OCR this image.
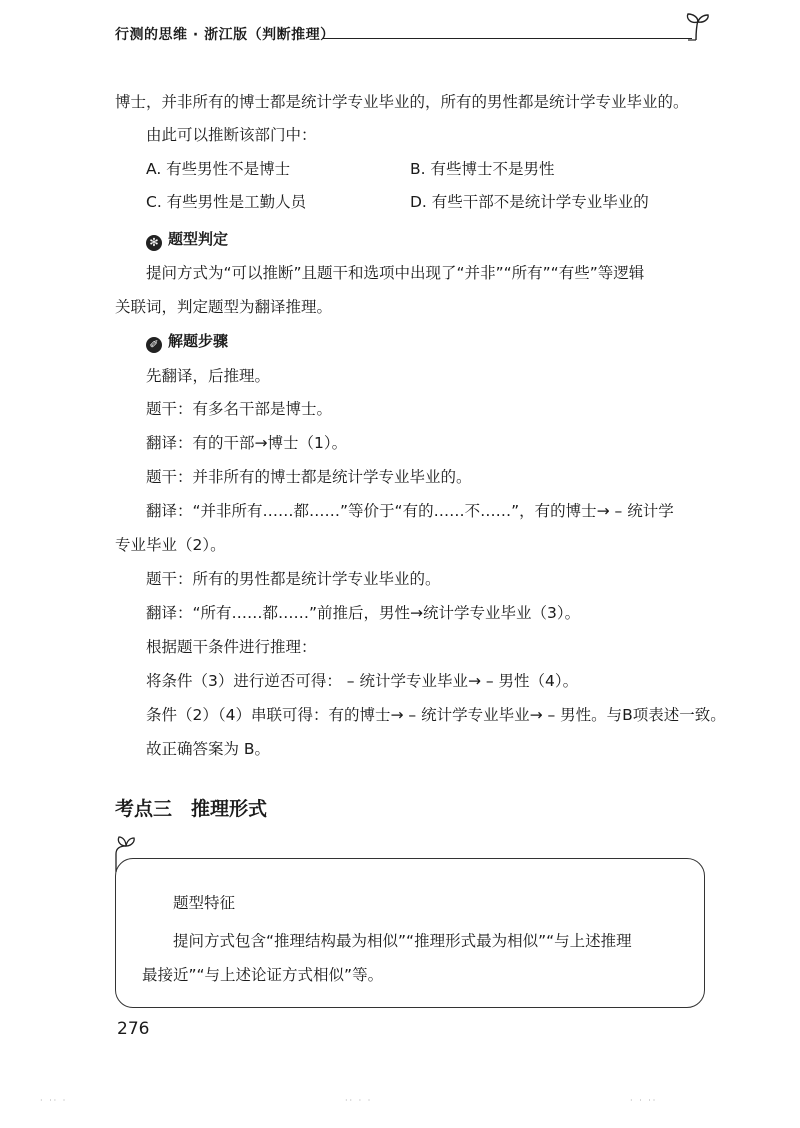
行测的思维 · 浙江版（判断推理）
博士，并非所有的博士都是统计学专业毕业的，所有的男性都是统计学专业毕业的。
由此可以推断该部门中：
A. 有些男性不是博士	B. 有些博士不是男性
C. 有些男性是工勤人员	D. 有些干部不是统计学专业毕业的
✻ 题型判定
提问方式为“可以推断”且题干和选项中出现了“并非”“所有”“有些”等逻辑
关联词，判定题型为翻译推理。
✐ 解题步骤
先翻译，后推理。
题干：有多名干部是博士。
翻译：有的干部→博士（1）。
题干：并非所有的博士都是统计学专业毕业的。
翻译：“并非所有……都……”等价于“有的……不……”，有的博士→ – 统计学
专业毕业（2）。
题干：所有的男性都是统计学专业毕业的。
翻译：“所有……都……”前推后，男性→统计学专业毕业（3）。
根据题干条件进行推理：
将条件（3）进行逆否可得： – 统计学专业毕业→ – 男性（4）。
条件（2）（4）串联可得：有的博士→ – 统计学专业毕业→ – 男性。与B项表述一致。
故正确答案为 B。
考点三　推理形式
题型特征
提问方式包含“推理结构最为相似”“推理形式最为相似”“与上述推理
最接近”“与上述论证方式相似”等。
276
· ·· ·	·· · ·	· · ··
